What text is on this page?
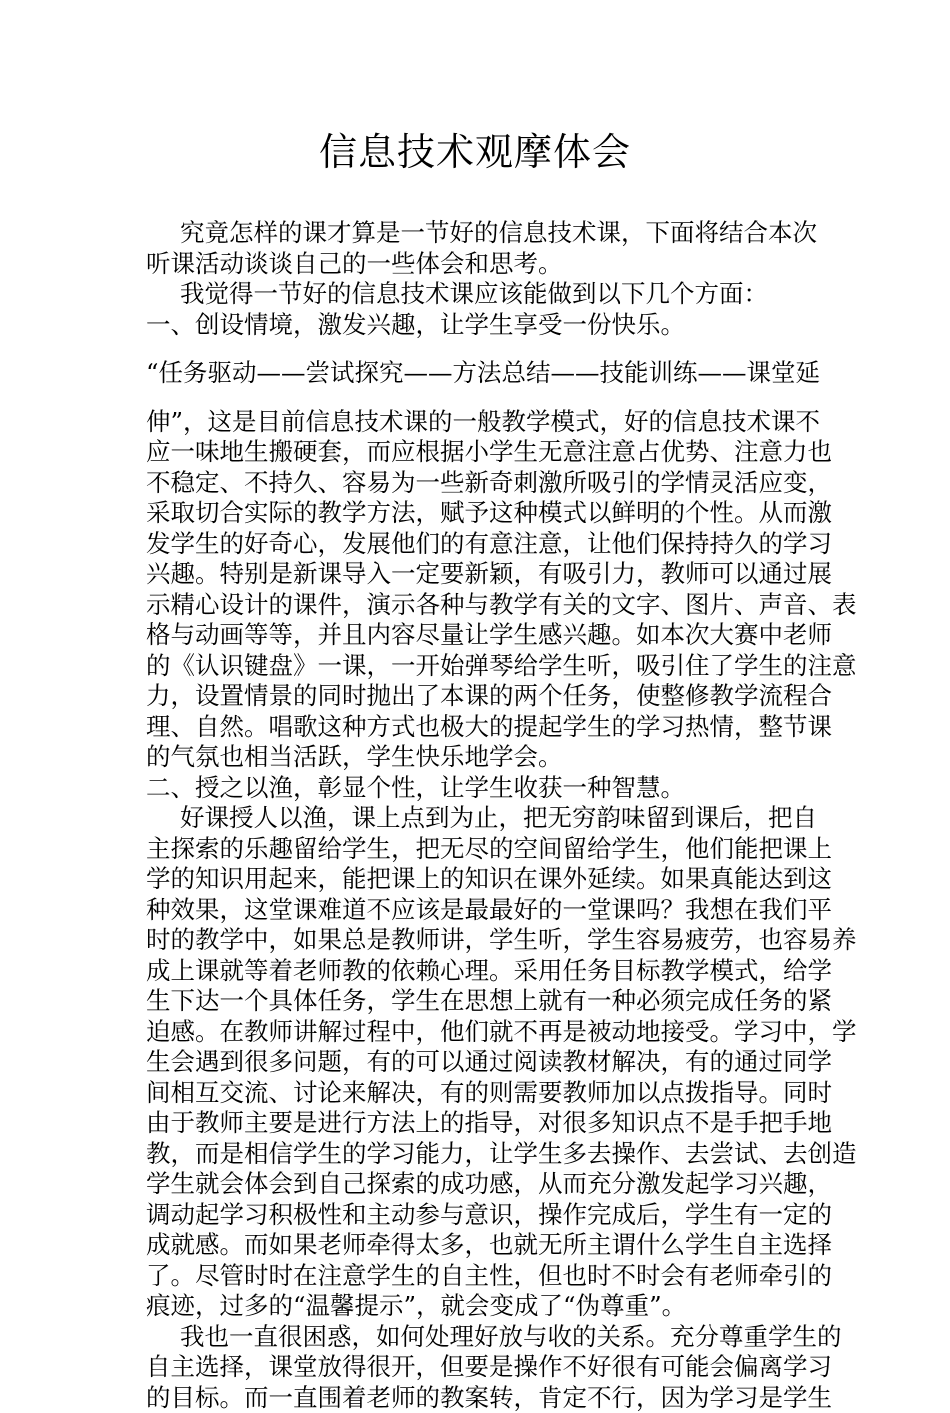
信息技术观摩体会
究竟怎样的课才算是一节好的信息技术课，下面将结合本次
听课活动谈谈自己的一些体会和思考。
我觉得一节好的信息技术课应该能做到以下几个方面：
一、创设情境，激发兴趣，让学生享受一份快乐。
“任务驱动——尝试探究——方法总结——技能训练——课堂延
伸”，这是目前信息技术课的一般教学模式，好的信息技术课不
应一味地生搬硬套，而应根据小学生无意注意占优势、注意力也
不稳定、不持久、容易为一些新奇刺激所吸引的学情灵活应变，
采取切合实际的教学方法，赋予这种模式以鲜明的个性。从而激
发学生的好奇心，发展他们的有意注意，让他们保持持久的学习
兴趣。特别是新课导入一定要新颖，有吸引力，教师可以通过展
示精心设计的课件，演示各种与教学有关的文字、图片、声音、表
格与动画等等，并且内容尽量让学生感兴趣。如本次大赛中老师
的《认识键盘》一课，一开始弹琴给学生听，吸引住了学生的注意
力，设置情景的同时抛出了本课的两个任务，使整修教学流程合
理、自然。唱歌这种方式也极大的提起学生的学习热情，整节课
的气氛也相当活跃，学生快乐地学会。
二、授之以渔，彰显个性，让学生收获一种智慧。
好课授人以渔，课上点到为止，把无穷韵味留到课后，把自
主探索的乐趣留给学生，把无尽的空间留给学生，他们能把课上
学的知识用起来，能把课上的知识在课外延续。如果真能达到这
种效果，这堂课难道不应该是最最好的一堂课吗？我想在我们平
时的教学中，如果总是教师讲，学生听，学生容易疲劳，也容易养
成上课就等着老师教的依赖心理。采用任务目标教学模式，给学
生下达一个具体任务，学生在思想上就有一种必须完成任务的紧
迫感。在教师讲解过程中，他们就不再是被动地接受。学习中，学
生会遇到很多问题，有的可以通过阅读教材解决，有的通过同学
间相互交流、讨论来解决，有的则需要教师加以点拨指导。同时
由于教师主要是进行方法上的指导，对很多知识点不是手把手地
教，而是相信学生的学习能力，让学生多去操作、去尝试、去创造
学生就会体会到自己探索的成功感，从而充分激发起学习兴趣，
调动起学习积极性和主动参与意识，操作完成后，学生有一定的
成就感。而如果老师牵得太多，也就无所主谓什么学生自主选择
了。尽管时时在注意学生的自主性，但也时不时会有老师牵引的
痕迹，过多的“温馨提示”，就会变成了“伪尊重”。
我也一直很困惑，如何处理好放与收的关系。充分尊重学生的
自主选择，课堂放得很开，但要是操作不好很有可能会偏离学习
的目标。而一直围着老师的教案转，肯定不行，因为学习是学生
